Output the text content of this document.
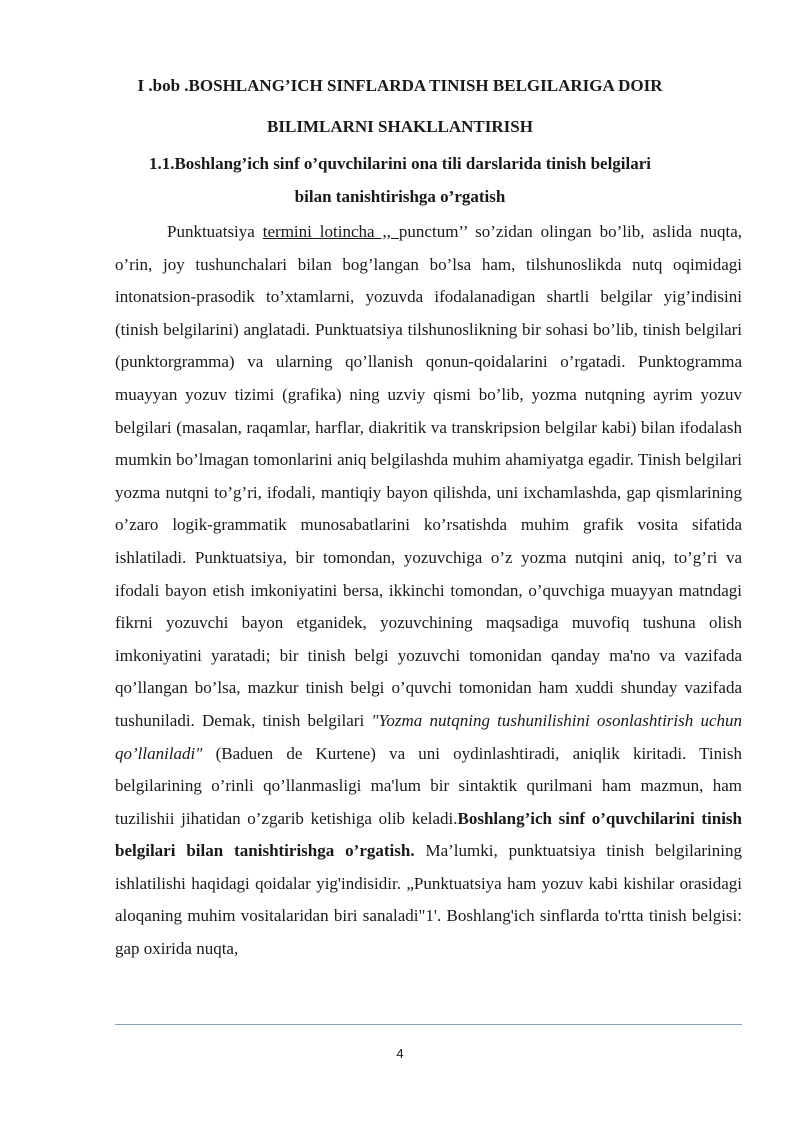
I .bob .BOSHLANG’ICH SINFLARDA TINISH BELGILARIGA DOIR

BILIMLARNI SHAKLLANTIRISH

1.1.Boshlang’ich sinf o’quvchilarini ona tili darslarida tinish belgilari

bilan tanishtirishga o’rgatish

Punktuatsiya termini lotincha ,, punctum’’ so’zidan olingan bo’lib, aslida nuqta, o’rin, joy tushunchalari bilan bog’langan bo’lsa ham, tilshunoslikda nutq oqimidagi intonatsion-prasodik to’xtamlarni, yozuvda ifodalanadigan shartli belgilar yig’indisini (tinish belgilarini) anglatadi. Punktuatsiya tilshunoslikning bir sohasi bo’lib, tinish belgilari (punktorgramma) va ularning qo’llanish qonun-qoidalarini o’rgatadi. Punktogramma muayyan yozuv tizimi (grafika) ning uzviy qismi bo’lib, yozma nutqning ayrim yozuv belgilari (masalan, raqamlar, harflar, diakritik va transkripsion belgilar kabi) bilan ifodalash mumkin bo’lmagan tomonlarini aniq belgilashda muhim ahamiyatga egadir. Tinish belgilari yozma nutqni to’g’ri, ifodali, mantiqiy bayon qilishda, uni ixchamlashda, gap qismlarining o’zaro logik-grammatik munosabatlarini ko’rsatishda muhim grafik vosita sifatida ishlatiladi. Punktuatsiya, bir tomondan, yozuvchiga o’z yozma nutqini aniq, to’g’ri va ifodali bayon etish imkoniyatini bersa, ikkinchi tomondan, o’quvchiga muayyan matndagi fikrni yozuvchi bayon etganidek, yozuvchining maqsadiga muvofiq tushuna olish imkoniyatini yaratadi; bir tinish belgi yozuvchi tomonidan qanday ma'no va vazifada qo’llangan bo’lsa, mazkur tinish belgi o’quvchi tomonidan ham xuddi shunday vazifada tushuniladi. Demak, tinish belgilari "Yozma nutqning tushunilishini osonlashtirish uchun qo’llaniladi" (Baduen de Kurtene) va uni oydinlashtiradi, aniqlik kiritadi. Tinish belgilarining o’rinli qo’llanmasligi ma'lum bir sintaktik qurilmani ham mazmun, ham tuzilishii jihatidan o’zgarib ketishiga olib keladi.Boshlang’ich sinf o’quvchilarini tinish belgilari bilan tanishtirishga o’rgatish. Ma’lumki, punktuatsiya tinish belgilarining ishlatilishi haqidagi qoidalar yig'indisidir. „Punktuatsiya ham yozuv kabi kishilar orasidagi aloqaning muhim vositalaridan biri sanaladi"1'. Boshlang'ich sinflarda to'rtta tinish belgisi: gap oxirida nuqta,

4
